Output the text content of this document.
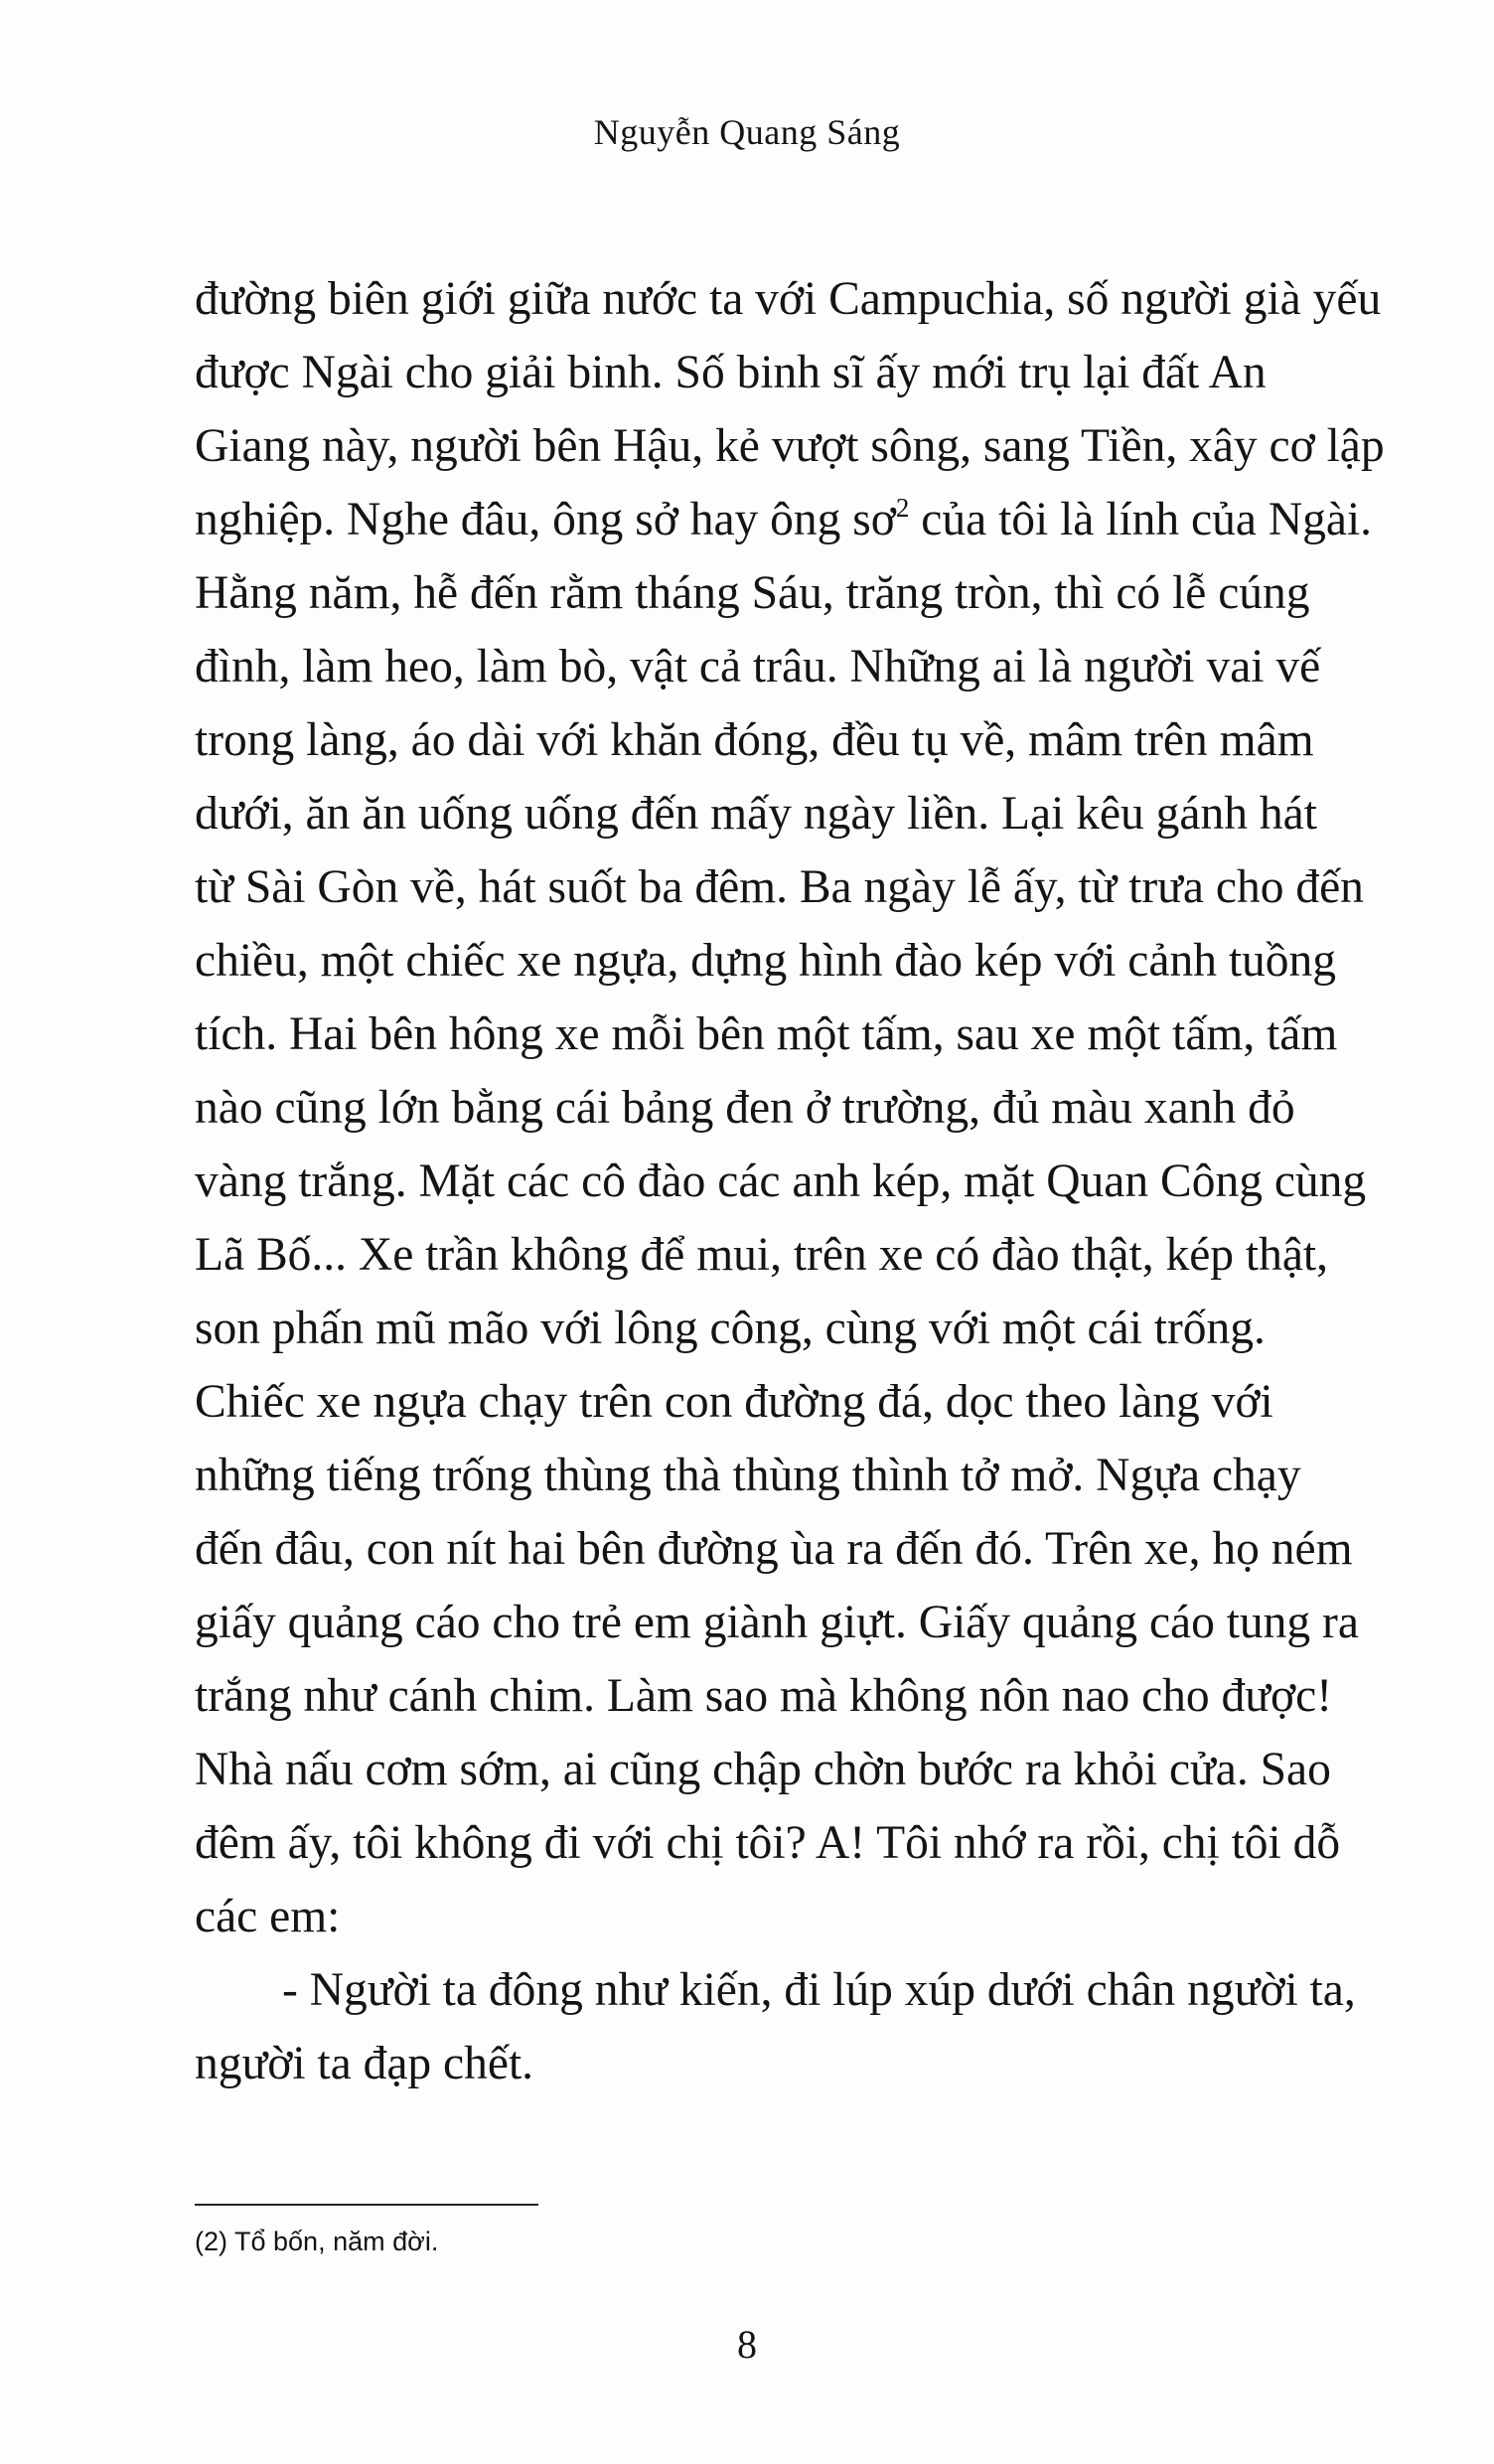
Nguyễn Quang Sáng
đường biên giới giữa nước ta với Campuchia, số người già yếu
được Ngài cho giải binh. Số binh sĩ ấy mới trụ lại đất An
Giang này, người bên Hậu, kẻ vượt sông, sang Tiền, xây cơ lập
nghiệp. Nghe đâu, ông sở hay ông $sơ^2$ của tôi là lính của Ngài.
Hằng năm, hễ đến rằm tháng Sáu, trăng tròn, thì có lễ cúng
đình, làm heo, làm bò, vật cả trâu. Những ai là người vai vế
trong làng, áo dài với khăn đóng, đều tụ về, mâm trên mâm
dưới, ăn ăn uống uống đến mấy ngày liền. Lại kêu gánh hát
từ Sài Gòn về, hát suốt ba đêm. Ba ngày lễ ấy, từ trưa cho đến
chiều, một chiếc xe ngựa, dựng hình đào kép với cảnh tuồng
tích. Hai bên hông xe mỗi bên một tấm, sau xe một tấm, tấm
nào cũng lớn bằng cái bảng đen ở trường, đủ màu xanh đỏ
vàng trắng. Mặt các cô đào các anh kép, mặt Quan Công cùng
Lã Bố... Xe trần không để mui, trên xe có đào thật, kép thật,
son phấn mũ mão với lông công, cùng với một cái trống.
Chiếc xe ngựa chạy trên con đường đá, dọc theo làng với
những tiếng trống thùng thà thùng thình tở mở. Ngựa chạy
đến đâu, con nít hai bên đường ùa ra đến đó. Trên xe, họ ném
giấy quảng cáo cho trẻ em giành giựt. Giấy quảng cáo tung ra
trắng như cánh chim. Làm sao mà không nôn nao cho được!
Nhà nấu cơm sớm, ai cũng chập chờn bước ra khỏi cửa. Sao
đêm ấy, tôi không đi với chị tôi? A! Tôi nhớ ra rồi, chị tôi dỗ
các em:
- Người ta đông như kiến, đi lúp xúp dưới chân người ta,
người ta đạp chết.
(2) Tổ bốn, năm đời.
8
